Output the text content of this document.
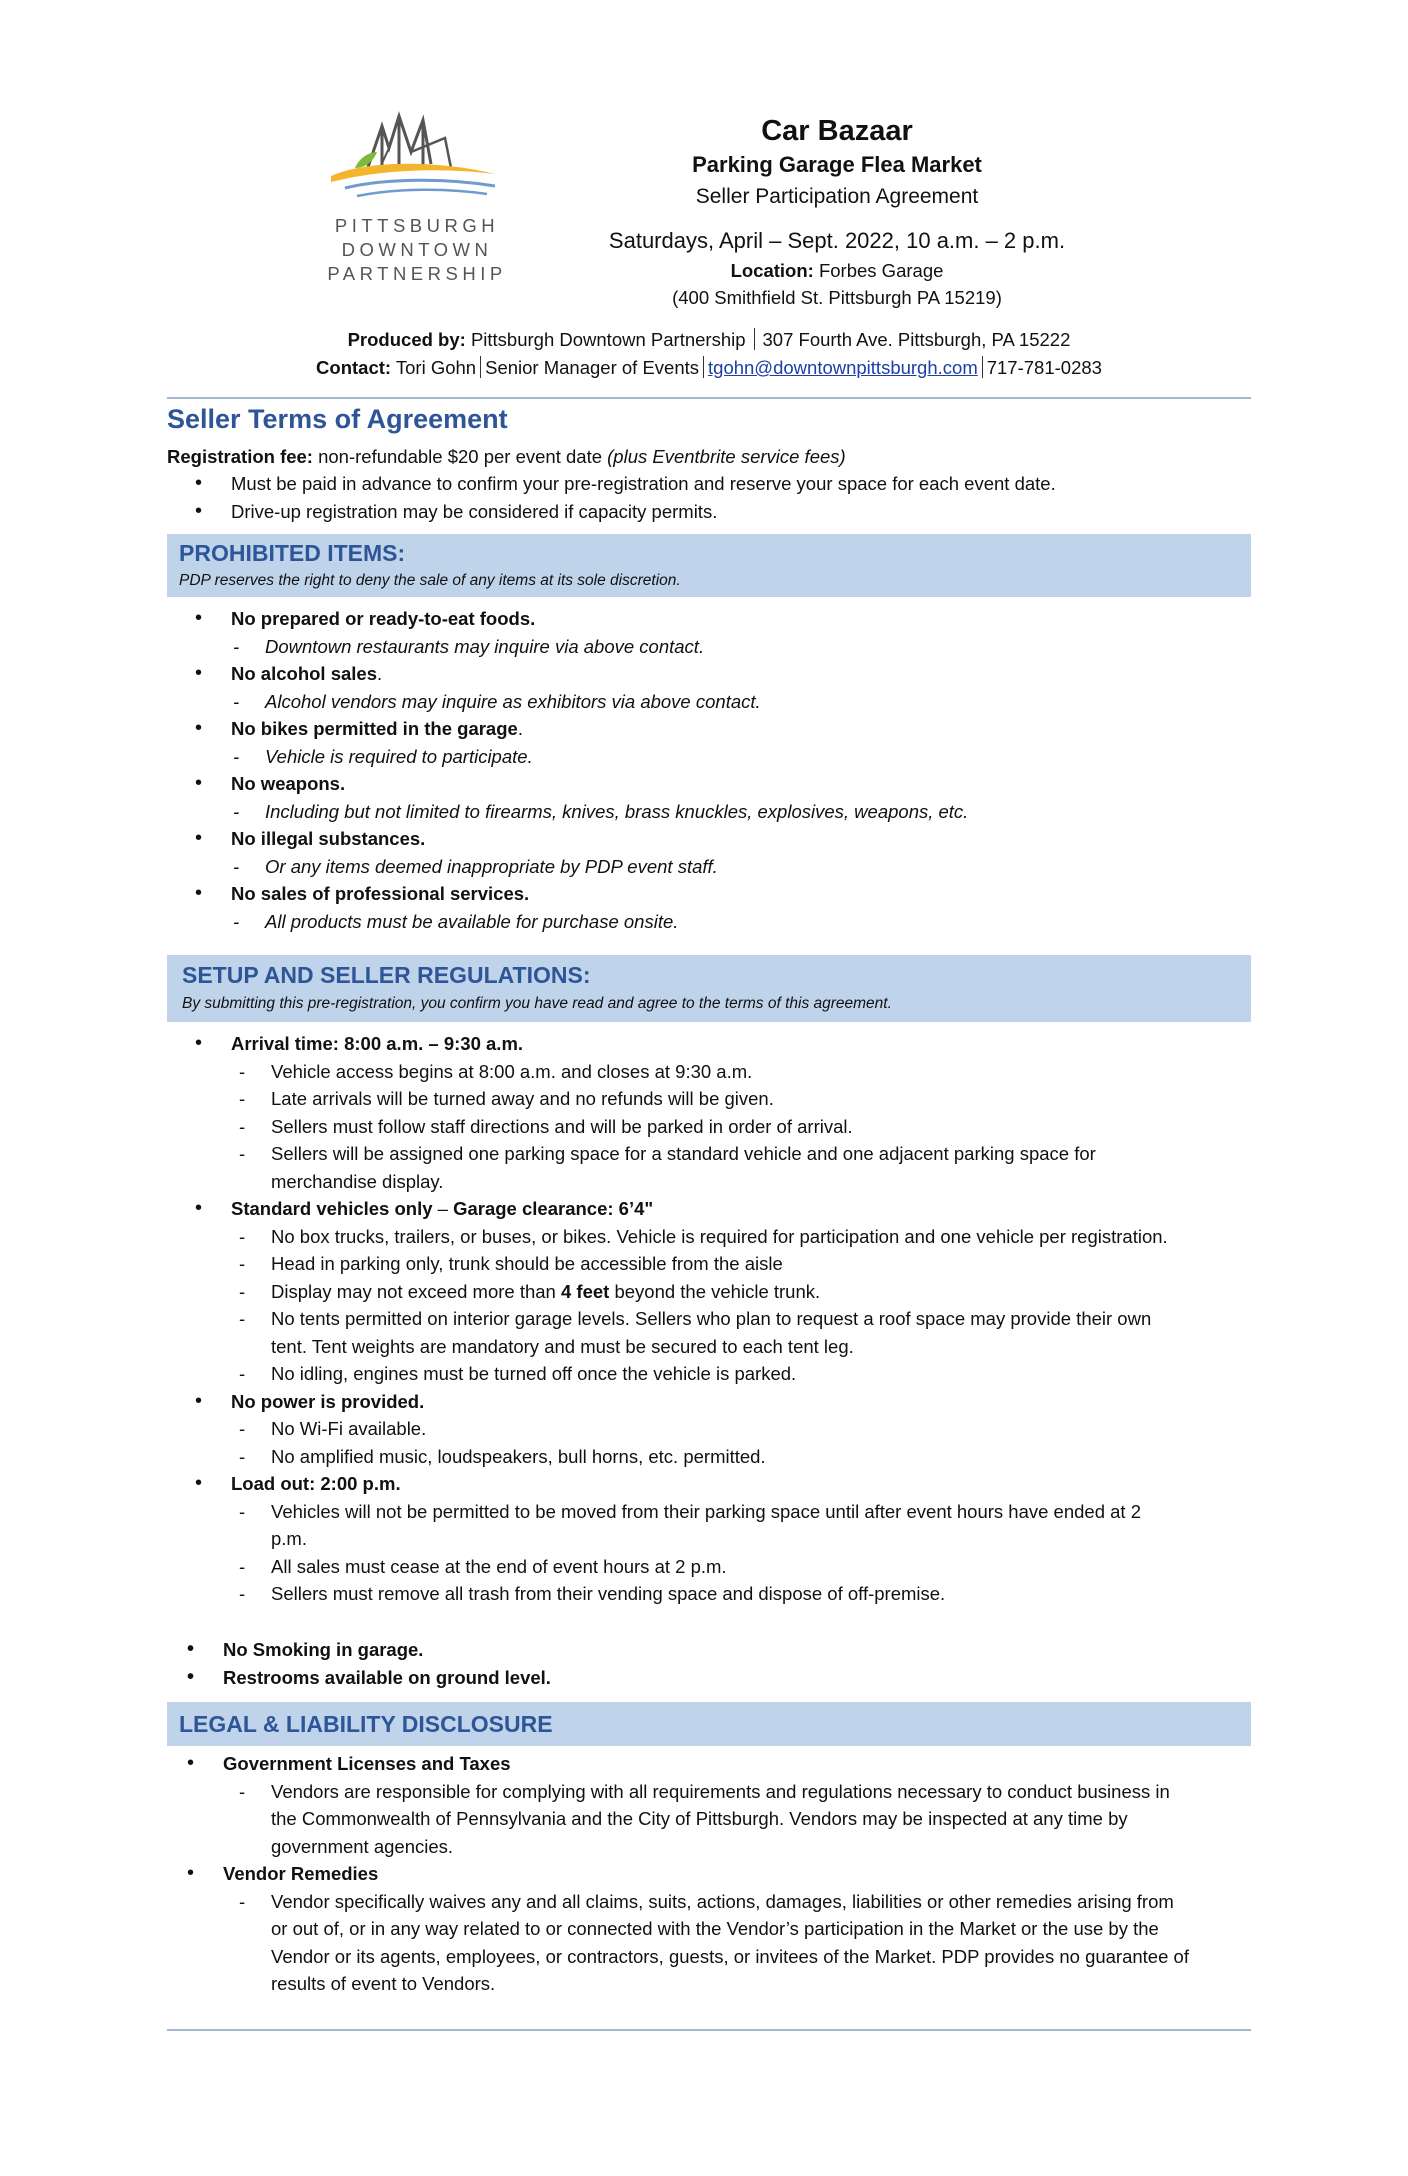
PITTSBURGH
DOWNTOWN
PARTNERSHIP
Car Bazaar
Parking Garage Flea Market
Seller Participation Agreement
Saturdays, April – Sept. 2022, 10 a.m. – 2 p.m.
Location: Forbes Garage
(400 Smithfield St. Pittsburgh PA 15219)
Produced by: Pittsburgh Downtown Partnership 307 Fourth Ave. Pittsburgh, PA 15222
Contact: Tori Gohn Senior Manager of Events tgohn@downtownpittsburgh.com 717-781-0283
Seller Terms of Agreement
Registration fee: non-refundable $20 per event date (plus Eventbrite service fees)
• Must be paid in advance to confirm your pre-registration and reserve your space for each event date.
• Drive-up registration may be considered if capacity permits.
PROHIBITED ITEMS:
PDP reserves the right to deny the sale of any items at its sole discretion.
• No prepared or ready-to-eat foods.
- Downtown restaurants may inquire via above contact.
• No alcohol sales.
- Alcohol vendors may inquire as exhibitors via above contact.
• No bikes permitted in the garage.
- Vehicle is required to participate.
• No weapons.
- Including but not limited to firearms, knives, brass knuckles, explosives, weapons, etc.
• No illegal substances.
- Or any items deemed inappropriate by PDP event staff.
• No sales of professional services.
- All products must be available for purchase onsite.
SETUP AND SELLER REGULATIONS:
By submitting this pre-registration, you confirm you have read and agree to the terms of this agreement.
• Arrival time: 8:00 a.m. – 9:30 a.m.
- Vehicle access begins at 8:00 a.m. and closes at 9:30 a.m.
- Late arrivals will be turned away and no refunds will be given.
- Sellers must follow staff directions and will be parked in order of arrival.
- Sellers will be assigned one parking space for a standard vehicle and one adjacent parking space for merchandise display.
• Standard vehicles only – Garage clearance: 6’4"
- No box trucks, trailers, or buses, or bikes. Vehicle is required for participation and one vehicle per registration.
- Head in parking only, trunk should be accessible from the aisle
- Display may not exceed more than 4 feet beyond the vehicle trunk.
- No tents permitted on interior garage levels. Sellers who plan to request a roof space may provide their own tent. Tent weights are mandatory and must be secured to each tent leg.
- No idling, engines must be turned off once the vehicle is parked.
• No power is provided.
- No Wi-Fi available.
- No amplified music, loudspeakers, bull horns, etc. permitted.
• Load out: 2:00 p.m.
- Vehicles will not be permitted to be moved from their parking space until after event hours have ended at 2 p.m.
- All sales must cease at the end of event hours at 2 p.m.
- Sellers must remove all trash from their vending space and dispose of off-premise.
• No Smoking in garage.
• Restrooms available on ground level.
LEGAL & LIABILITY DISCLOSURE
• Government Licenses and Taxes
- Vendors are responsible for complying with all requirements and regulations necessary to conduct business in the Commonwealth of Pennsylvania and the City of Pittsburgh. Vendors may be inspected at any time by government agencies.
• Vendor Remedies
- Vendor specifically waives any and all claims, suits, actions, damages, liabilities or other remedies arising from or out of, or in any way related to or connected with the Vendor’s participation in the Market or the use by the Vendor or its agents, employees, or contractors, guests, or invitees of the Market. PDP provides no guarantee of results of event to Vendors.
